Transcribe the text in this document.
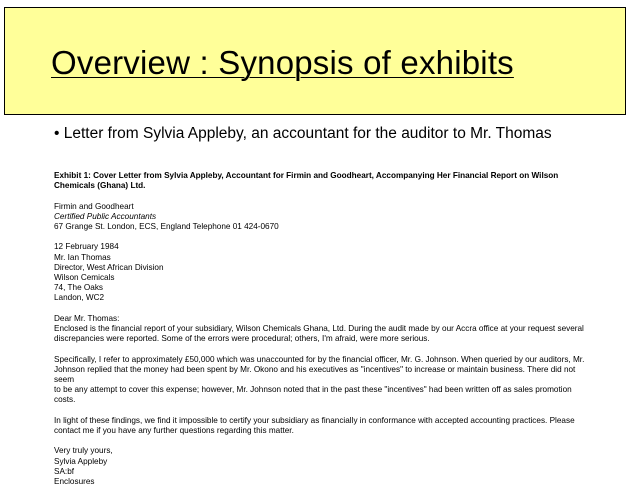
Overview : Synopsis of exhibits
• Letter from Sylvia Appleby, an accountant for the auditor to Mr. Thomas

Exhibit 1: Cover Letter from Sylvia Appleby, Accountant for Firmin and Goodheart, Accompanying Her Financial Report on Wilson
Chemicals (Ghana) Ltd.

Firmin and Goodheart
Certified Public Accountants
67 Grange St. London, ECS, England Telephone 01 424-0670

12 February 1984
Mr. Ian Thomas
Director, West African Division
Wilson Cemicals
74, The Oaks
Landon, WC2

Dear Mr. Thomas:
Enclosed is the financial report of your subsidiary, Wilson Chemicals Ghana, Ltd. During the audit made by our Accra office at your request several
discrepancies were reported. Some of the errors were procedural; others, I'm afraid, were more serious.

Specifically, I refer to approximately £50,000 which was unaccounted for by the financial officer, Mr. G. Johnson. When queried by our auditors, Mr.
Johnson replied that the money had been spent by Mr. Okono and his executives as "incentives" to increase or maintain business. There did not seem
to be any attempt to cover this expense; however, Mr. Johnson noted that in the past these "incentives" had been written off as sales promotion costs.

In light of these findings, we find it impossible to certify your subsidiary as financially in conformance with accepted accounting practices. Please
contact me if you have any further questions regarding this matter.

Very truly yours,
Sylvia Appleby
SA:bf
Enclosures
